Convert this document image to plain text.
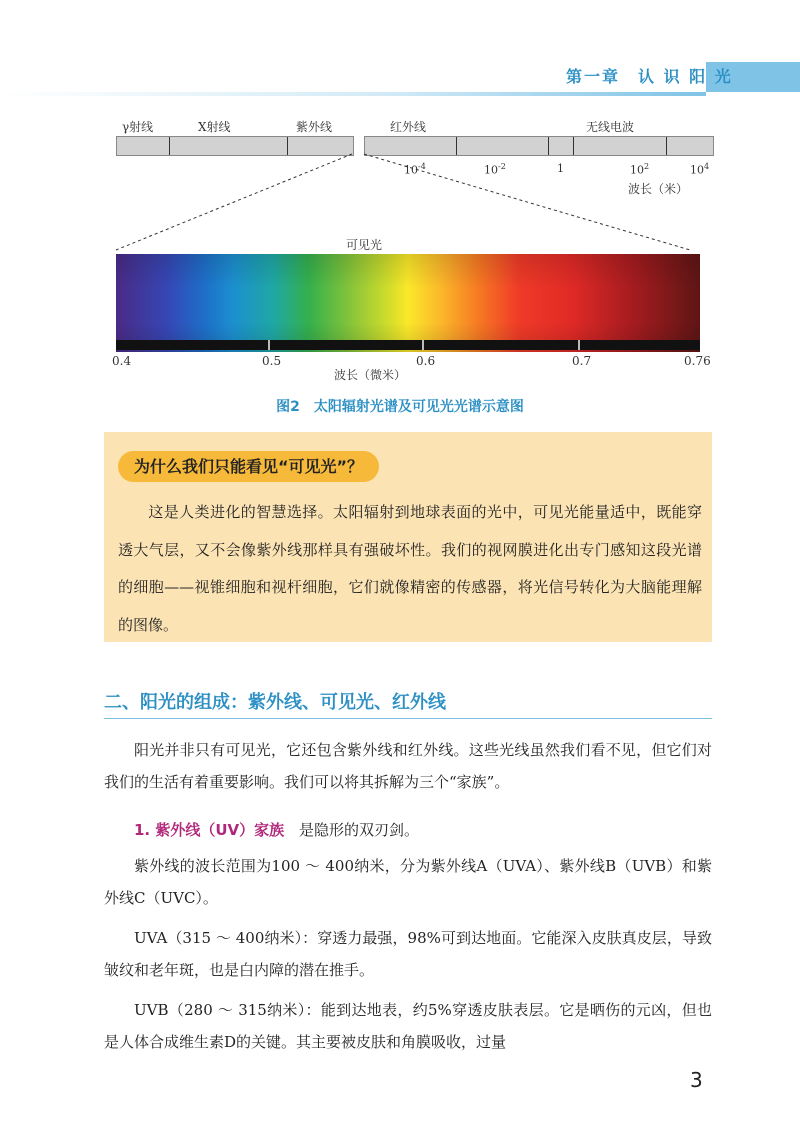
第一章　认 识 阳 光
γ射线	X射线	紫外线	红外线	无线电波
$10^{-4}$	$10^{-2}$	1	$10^2$	$10^4$
波长（米）
可见光
0.4	0.5	0.6	0.7	0.76
波长（微米）
图2　太阳辐射光谱及可见光光谱示意图
为什么我们只能看见“可见光”？
这是人类进化的智慧选择。太阳辐射到地球表面的光中，可见光能量适中，既能穿透大气层，又不会像紫外线那样具有强破坏性。我们的视网膜进化出专门感知这段光谱的细胞——视锥细胞和视杆细胞，它们就像精密的传感器，将光信号转化为大脑能理解的图像。
二、阳光的组成：紫外线、可见光、红外线
阳光并非只有可见光，它还包含紫外线和红外线。这些光线虽然我们看不见，但它们对我们的生活有着重要影响。我们可以将其拆解为三个“家族”。
1. 紫外线（UV）家族 是隐形的双刃剑。
紫外线的波长范围为100 ～ 400纳米，分为紫外线A（UVA）、紫外线B（UVB）和紫外线C（UVC）。
UVA（315 ～ 400纳米）：穿透力最强，98%可到达地面。它能深入皮肤真皮层，导致皱纹和老年斑，也是白内障的潜在推手。
UVB（280 ～ 315纳米）：能到达地表，约5%穿透皮肤表层。它是晒伤的元凶，但也是人体合成维生素D的关键。其主要被皮肤和角膜吸收，过量
3
